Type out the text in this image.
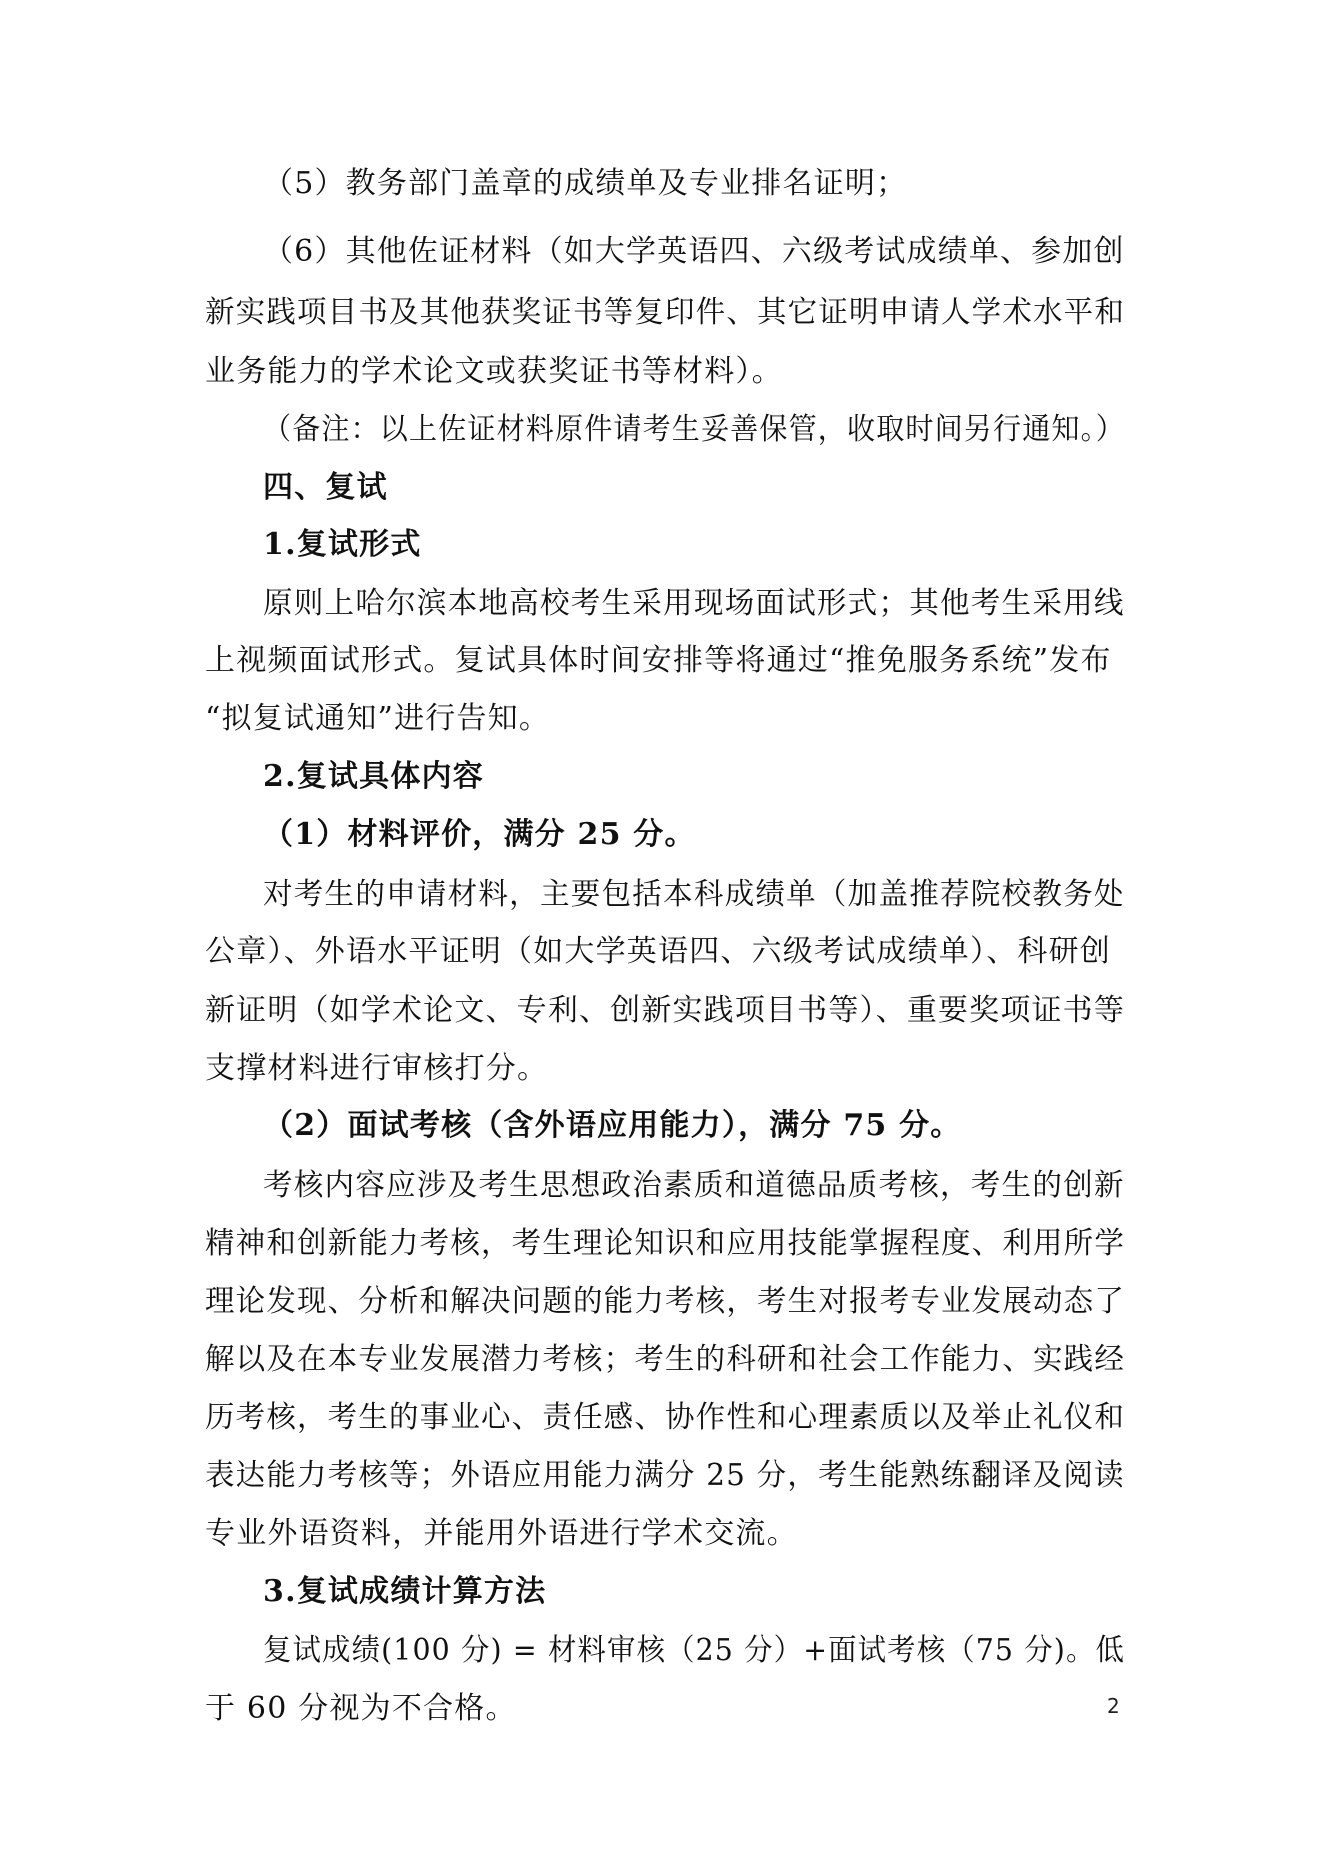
（5）教务部门盖章的成绩单及专业排名证明；
（6）其他佐证材料（如大学英语四、六级考试成绩单、参加创
新实践项目书及其他获奖证书等复印件、其它证明申请人学术水平和
业务能力的学术论文或获奖证书等材料）。
（备注：以上佐证材料原件请考生妥善保管，收取时间另行通知。）
四、复试
1.复试形式
原则上哈尔滨本地高校考生采用现场面试形式；其他考生采用线
上视频面试形式。复试具体时间安排等将通过“推免服务系统”发布
“拟复试通知”进行告知。
2.复试具体内容
（1）材料评价，满分 25 分。
对考生的申请材料，主要包括本科成绩单（加盖推荐院校教务处
公章）、外语水平证明（如大学英语四、六级考试成绩单）、科研创
新证明（如学术论文、专利、创新实践项目书等）、重要奖项证书等
支撑材料进行审核打分。
（2）面试考核（含外语应用能力），满分 75 分。
考核内容应涉及考生思想政治素质和道德品质考核，考生的创新
精神和创新能力考核，考生理论知识和应用技能掌握程度、利用所学
理论发现、分析和解决问题的能力考核，考生对报考专业发展动态了
解以及在本专业发展潜力考核；考生的科研和社会工作能力、实践经
历考核，考生的事业心、责任感、协作性和心理素质以及举止礼仪和
表达能力考核等；外语应用能力满分 25 分，考生能熟练翻译及阅读
专业外语资料，并能用外语进行学术交流。
3.复试成绩计算方法
复试成绩(100 分) = 材料审核（25 分）+面试考核（75 分)。低
于 60 分视为不合格。	2
